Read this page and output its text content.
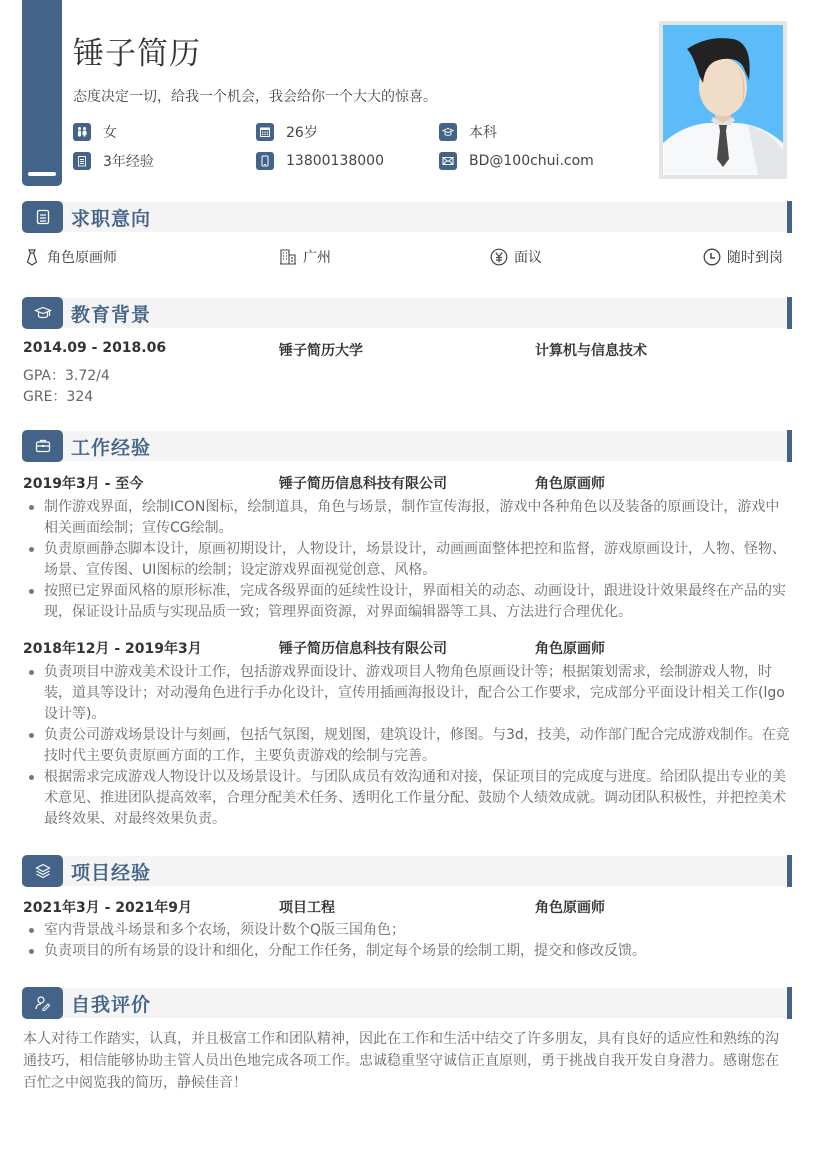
锤子简历
态度决定一切，给我一个机会，我会给你一个大大的惊喜。
女	26岁	本科
3年经验	13800138000	BD@100chui.com
求职意向
角色原画师	广州	面议	随时到岗
教育背景
2014.09 - 2018.06	锤子简历大学	计算机与信息技术
GPA：3.72/4
GRE：324
工作经验
2019年3月 - 至今	锤子简历信息科技有限公司	角色原画师
制作游戏界面，绘制ICON图标，绘制道具，角色与场景，制作宣传海报，游戏中各种角色以及装备的原画设计，游戏中相关画面绘制；宣传CG绘制。
负责原画静态脚本设计，原画初期设计，人物设计，场景设计，动画画面整体把控和监督，游戏原画设计，人物、怪物、场景、宣传图、UI图标的绘制；设定游戏界面视觉创意、风格。
按照已定界面风格的原形标准，完成各级界面的延续性设计，界面相关的动态、动画设计，跟进设计效果最终在产品的实现，保证设计品质与实现品质一致；管理界面资源，对界面编辑器等工具、方法进行合理优化。
2018年12月 - 2019年3月	锤子简历信息科技有限公司	角色原画师
负责项目中游戏美术设计工作，包括游戏界面设计、游戏项目人物角色原画设计等；根据策划需求，绘制游戏人物，时装，道具等设计；对动漫角色进行手办化设计，宣传用插画海报设计，配合公工作要求，完成部分平面设计相关工作(lgo设计等)。
负责公司游戏场景设计与刻画，包括气氛图，规划图，建筑设计，修图。与3d，技美，动作部门配合完成游戏制作。在竞技时代主要负责原画方面的工作，主要负责游戏的绘制与完善。
根据需求完成游戏人物设计以及场景设计。与团队成员有效沟通和对接，保证项目的完成度与进度。给团队提出专业的美术意见、推进团队提高效率，合理分配美术任务、透明化工作量分配、鼓励个人绩效成就。调动团队积极性，并把控美术最终效果、对最终效果负责。
项目经验
2021年3月 - 2021年9月	项目工程	角色原画师
室内背景战斗场景和多个农场，须设计数个Q版三国角色；
负责项目的所有场景的设计和细化，分配工作任务，制定每个场景的绘制工期，提交和修改反馈。
自我评价
本人对待工作踏实，认真，并且极富工作和团队精神，因此在工作和生活中结交了许多朋友，具有良好的适应性和熟练的沟通技巧，相信能够协助主管人员出色地完成各项工作。忠诚稳重坚守诚信正直原则，勇于挑战自我开发自身潜力。感谢您在百忙之中阅览我的简历，静候佳音！
